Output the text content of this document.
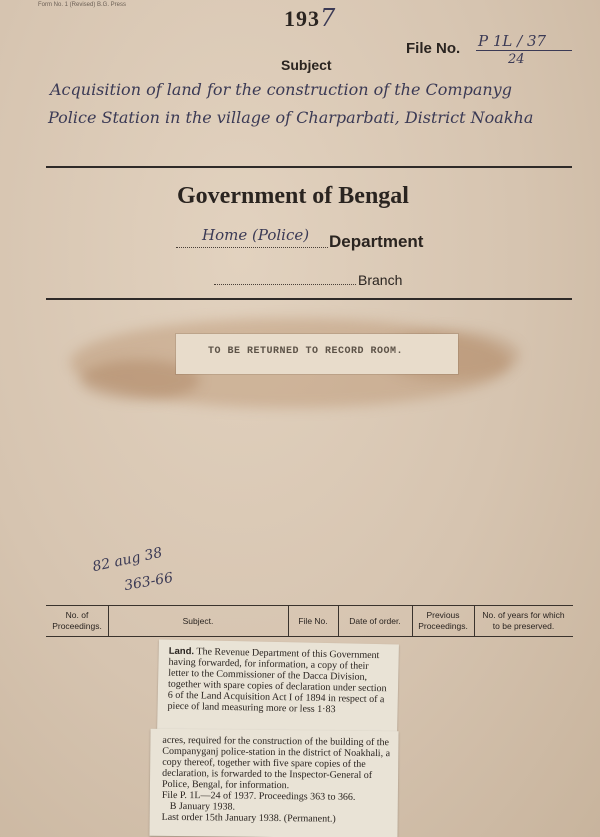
Form No. 1 (Revised) B.G. Press
1937
File No. P 1L / 37
24
Subject
Acquisition of land for the construction of the Companyg
Police Station in the village of Charparbati, District Noakha
Government of Bengal
Home (Police) Department
Branch
TO BE RETURNED TO RECORD ROOM.
82 aug 38
363-66
No. of
Proceedings.
Subject.	File No.	Date of order.
Previous
Proceedings.
No. of years for which
to be preserved.

Land. The Revenue Department of this Government having forwarded, for information, a copy of their letter to the Commissioner of the Dacca Division, together with spare copies of declaration under section 6 of the Land Acquisition Act I of 1894 in respect of a piece of land measuring more or less 1·83

acres, required for the construction of the building of the Companyganj police-station in the district of Noakhali, a copy thereof, together with five spare copies of the declaration, is forwarded to the Inspector-General of Police, Bengal, for information.

File P. 1L—24 of 1937. Proceedings 363 to 366.

B January 1938.

Last order 15th January 1938. (Permanent.)
